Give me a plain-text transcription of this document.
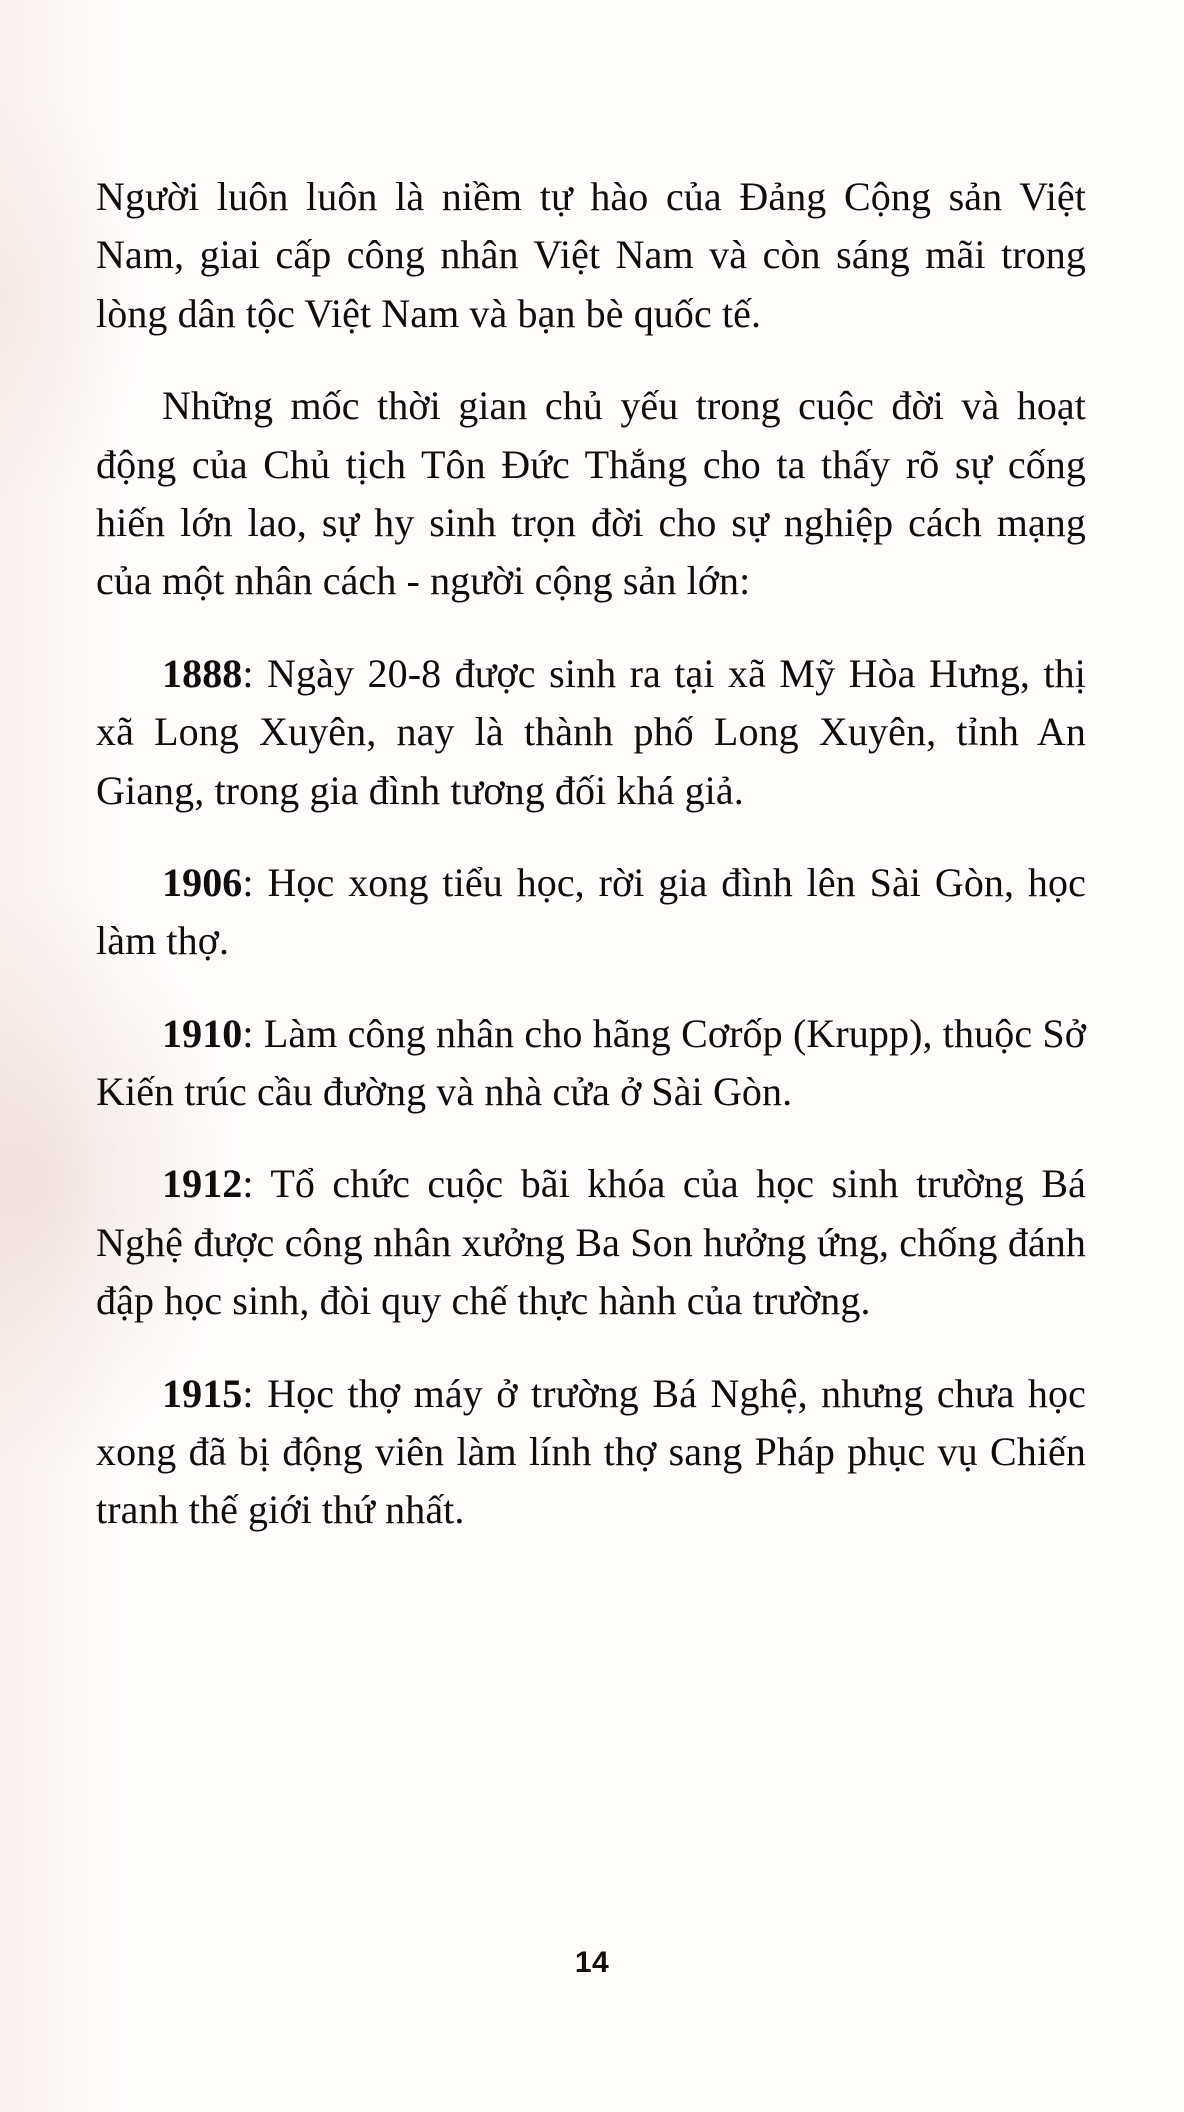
Người luôn luôn là niềm tự hào của Đảng Cộng sản Việt Nam, giai cấp công nhân Việt Nam và còn sáng mãi trong lòng dân tộc Việt Nam và bạn bè quốc tế.

Những mốc thời gian chủ yếu trong cuộc đời và hoạt động của Chủ tịch Tôn Đức Thắng cho ta thấy rõ sự cống hiến lớn lao, sự hy sinh trọn đời cho sự nghiệp cách mạng của một nhân cách - người cộng sản lớn:

1888: Ngày 20-8 được sinh ra tại xã Mỹ Hòa Hưng, thị xã Long Xuyên, nay là thành phố Long Xuyên, tỉnh An Giang, trong gia đình tương đối khá giả.

1906: Học xong tiểu học, rời gia đình lên Sài Gòn, học làm thợ.

1910: Làm công nhân cho hãng Cơrốp (Krupp), thuộc Sở Kiến trúc cầu đường và nhà cửa ở Sài Gòn.

1912: Tổ chức cuộc bãi khóa của học sinh trường Bá Nghệ được công nhân xưởng Ba Son hưởng ứng, chống đánh đập học sinh, đòi quy chế thực hành của trường.

1915: Học thợ máy ở trường Bá Nghệ, nhưng chưa học xong đã bị động viên làm lính thợ sang Pháp phục vụ Chiến tranh thế giới thứ nhất.

14
